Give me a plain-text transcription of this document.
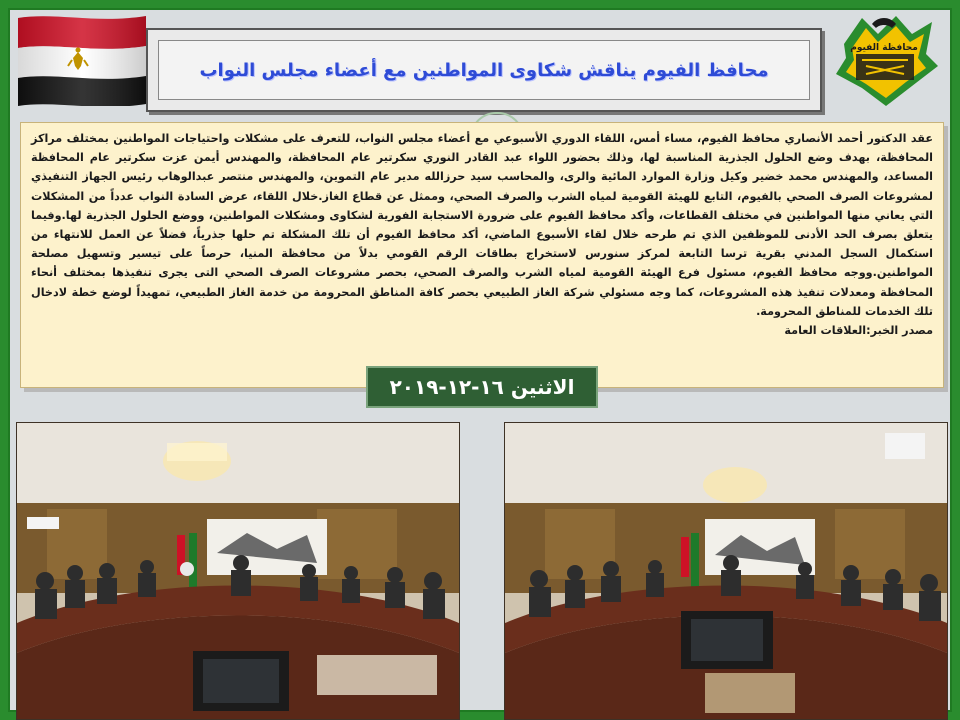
محافظ الفيوم يناقش شكاوى المواطنين مع أعضاء مجلس النواب
محافظة الفيوم

عقد الدكتور أحمد الأنصاري محافظ الفيوم، مساء أمس، اللقاء الدوري الأسبوعي مع أعضاء مجلس النواب، للتعرف على مشكلات واحتياجات المواطنين بمختلف مراكز المحافظة، بهدف وضع الحلول الجذرية المناسبة لها، وذلك بحضور اللواء عبد القادر النوري سكرتير عام المحافظة، والمهندس أيمن عزت سكرتير عام المحافظة المساعد، والمهندس محمد خضير وكيل وزارة الموارد المائية والرى، والمحاسب سيد حرزالله مدير عام التموين، والمهندس منتصر عبدالوهاب رئيس الجهاز التنفيذي لمشروعات الصرف الصحي بالفيوم، التابع للهيئة القومية لمياه الشرب والصرف الصحي، وممثل عن قطاع الغاز.خلال اللقاء، عرض السادة النواب عدداً من المشكلات التي يعاني منها المواطنين في مختلف القطاعات، وأكد محافظ الفيوم على ضرورة الاستجابة الفورية لشكاوى ومشكلات المواطنين، ووضع الحلول الجذرية لها.وفيما يتعلق بصرف الحد الأدنى للموظفين الذي تم طرحه خلال لقاء الأسبوع الماضي، أكد محافظ الفيوم أن تلك المشكلة تم حلها جذرياً، فضلاً عن العمل للانتهاء من استكمال السجل المدني بقرية ترسا التابعة لمركز سنورس لاستخراج بطاقات الرقم القومي بدلاً من محافظة المنيا، حرصاً على تيسير وتسهيل مصلحة المواطنين.ووجه محافظ الفيوم، مسئول فرع الهيئة القومية لمياه الشرب والصرف الصحي، بحصر مشروعات الصرف الصحي التى يجرى تنفيذها بمختلف أنحاء المحافظة ومعدلات تنفيذ هذه المشروعات، كما وجه مسئولي شركة الغاز الطبيعي بحصر كافة المناطق المحرومة من خدمة الغاز الطبيعي، تمهيداً لوضع خطة لادخال تلك الخدمات للمناطق المحرومة.

مصدر الخبر:العلاقات العامة

الاثنين ١٦-١٢-٢٠١٩
